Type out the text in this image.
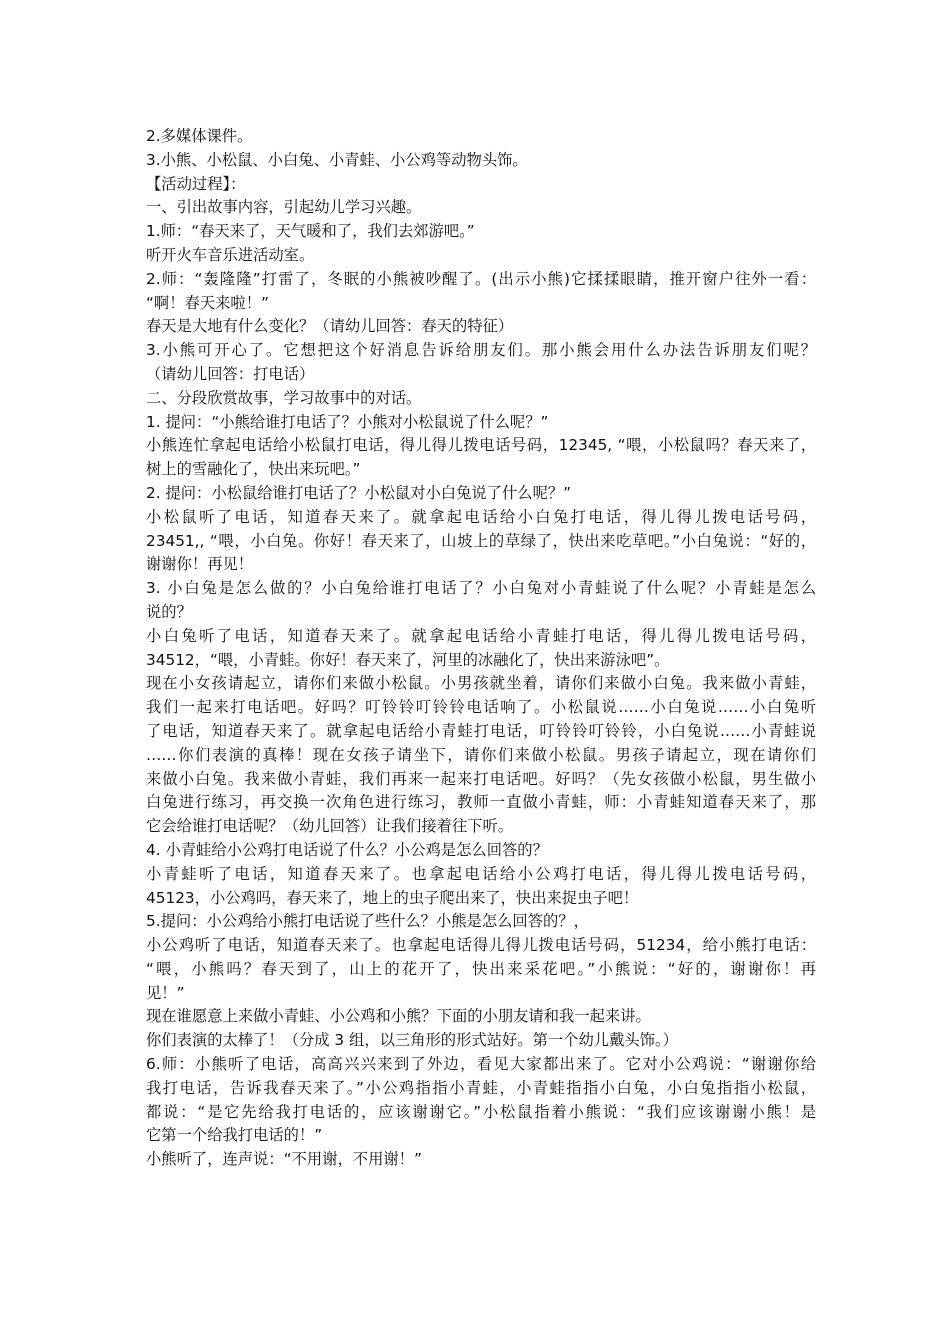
2.多媒体课件。

3.小熊、小松鼠、小白兔、小青蛙、小公鸡等动物头饰。

【活动过程】：

一、引出故事内容，引起幼儿学习兴趣。

1.师：“春天来了，天气暖和了，我们去郊游吧。”

听开火车音乐进活动室。

2.师：“轰隆隆”打雷了，冬眠的小熊被吵醒了。(出示小熊)它揉揉眼睛，推开窗户往外一看：

“啊！春天来啦！”

春天是大地有什么变化？（请幼儿回答：春天的特征）

3.小熊可开心了。它想把这个好消息告诉给朋友们。那小熊会用什么办法告诉朋友们呢？

（请幼儿回答：打电话）

二、分段欣赏故事，学习故事中的对话。

1. 提问：“小熊给谁打电话了？小熊对小松鼠说了什么呢？”

小熊连忙拿起电话给小松鼠打电话，得儿得儿拨电话号码，12345, “喂，小松鼠吗？春天来了，

树上的雪融化了，快出来玩吧。”

2. 提问：小松鼠给谁打电话了？小松鼠对小白兔说了什么呢？”

小松鼠听了电话，知道春天来了。就拿起电话给小白兔打电话，得儿得儿拨电话号码，

23451,, “喂，小白兔。你好！春天来了，山坡上的草绿了，快出来吃草吧。”小白兔说：“好的，

谢谢你！再见！

3. 小白兔是怎么做的？小白兔给谁打电话了？小白兔对小青蛙说了什么呢？小青蛙是怎么

说的？

小白兔听了电话，知道春天来了。就拿起电话给小青蛙打电话，得儿得儿拨电话号码，

34512，“喂，小青蛙。你好！春天来了，河里的冰融化了，快出来游泳吧”。

现在小女孩请起立，请你们来做小松鼠。小男孩就坐着，请你们来做小白兔。我来做小青蛙，

我们一起来打电话吧。好吗？叮铃铃叮铃铃电话响了。小松鼠说……小白兔说……小白兔听

了电话，知道春天来了。就拿起电话给小青蛙打电话，叮铃铃叮铃铃，小白兔说……小青蛙说

……你们表演的真棒！现在女孩子请坐下，请你们来做小松鼠。男孩子请起立，现在请你们

来做小白兔。我来做小青蛙，我们再来一起来打电话吧。好吗？（先女孩做小松鼠，男生做小

白兔进行练习，再交换一次角色进行练习，教师一直做小青蛙，师：小青蛙知道春天来了，那

它会给谁打电话呢？（幼儿回答）让我们接着往下听。

4. 小青蛙给小公鸡打电话说了什么？小公鸡是怎么回答的？

小青蛙听了电话，知道春天来了。也拿起电话给小公鸡打电话，得儿得儿拨电话号码，

45123，小公鸡吗，春天来了，地上的虫子爬出来了，快出来捉虫子吧！

5.提问：小公鸡给小熊打电话说了些什么？小熊是怎么回答的？，

小公鸡听了电话，知道春天来了。也拿起电话得儿得儿拨电话号码，51234，给小熊打电话：

“喂，小熊吗？春天到了，山上的花开了，快出来采花吧。”小熊说：“好的，谢谢你！再

见！”

现在谁愿意上来做小青蛙、小公鸡和小熊？下面的小朋友请和我一起来讲。

你们表演的太棒了！（分成 3 组，以三角形的形式站好。第一个幼儿戴头饰。）

6.师：小熊听了电话，高高兴兴来到了外边，看见大家都出来了。它对小公鸡说：“谢谢你给

我打电话，告诉我春天来了。”小公鸡指指小青蛙，小青蛙指指小白兔，小白兔指指小松鼠，

都说：“是它先给我打电话的，应该谢谢它。”小松鼠指着小熊说：“我们应该谢谢小熊！是

它第一个给我打电话的！”

小熊听了，连声说：“不用谢，不用谢！”
